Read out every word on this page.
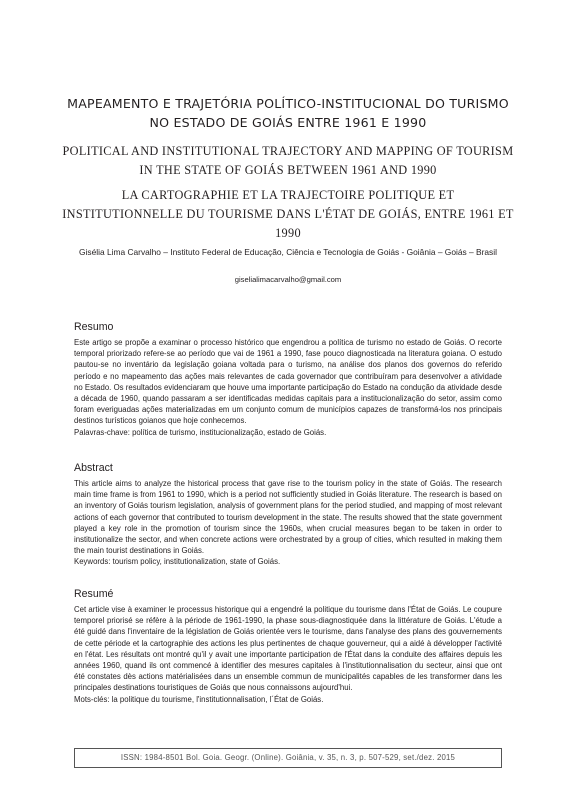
MAPEAMENTO E TRAJETÓRIA POLÍTICO-INSTITUCIONAL DO TURISMO NO ESTADO DE GOIÁS ENTRE 1961 E 1990
POLITICAL AND INSTITUTIONAL TRAJECTORY AND MAPPING OF TOURISM IN THE STATE OF GOIÁS BETWEEN 1961 AND 1990
LA CARTOGRAPHIE ET LA TRAJECTOIRE POLITIQUE ET INSTITUTIONNELLE DU TOURISME DANS L'ÉTAT DE GOIÁS, ENTRE 1961 ET 1990
Gisélia Lima Carvalho – Instituto Federal de Educação, Ciência e Tecnologia de Goiás - Goiânia – Goiás – Brasil
giselialimacarvalho@gmail.com
Resumo
Este artigo se propõe a examinar o processo histórico que engendrou a política de turismo no estado de Goiás. O recorte temporal priorizado refere-se ao período que vai de 1961 a 1990, fase pouco diagnosticada na literatura goiana. O estudo pautou-se no inventário da legislação goiana voltada para o turismo, na análise dos planos dos governos do referido período e no mapeamento das ações mais relevantes de cada governador que contribuíram para desenvolver a atividade no Estado. Os resultados evidenciaram que houve uma importante participação do Estado na condução da atividade desde a década de 1960, quando passaram a ser identificadas medidas capitais para a institucionalização do setor, assim como foram everiguadas ações materializadas em um conjunto comum de municípios capazes de transformá-los nos principais destinos turísticos goianos que hoje conhecemos.
Palavras-chave: política de turismo, institucionalização, estado de Goiás.
Abstract
This article aims to analyze the historical process that gave rise to the tourism policy in the state of Goiás. The research main time frame is from 1961 to 1990, which is a period not sufficiently studied in Goiás literature. The research is based on an inventory of Goiás tourism legislation, analysis of government plans for the period studied, and mapping of most relevant actions of each governor that contributed to tourism development in the state. The results showed that the state government played a key role in the promotion of tourism since the 1960s, when crucial measures began to be taken in order to institutionalize the sector, and when concrete actions were orchestrated by a group of cities, which resulted in making them the main tourist destinations in Goiás.
Keywords: tourism policy, institutionalization, state of Goiás.
Resumé
Cet article vise à examiner le processus historique qui a engendré la politique du tourisme dans l'État de Goiás. Le coupure temporel priorisé se réfère à la période de 1961-1990, la phase sous-diagnostiquée dans la littérature de Goiás. L'étude a été guidé dans l'inventaire de la législation de Goiás orientée vers le tourisme, dans l'analyse des plans des gouvernements de cette période et la cartographie des actions les plus pertinentes de chaque gouverneur, qui a aidé à développer l'activité en l'état. Les résultats ont montré qu'il y avait une importante participation de l'État dans la conduite des affaires depuis les années 1960, quand ils ont commencé à identifier des mesures capitales à l'institutionnalisation du secteur, ainsi que ont été constates dès actions matérialisées dans un ensemble commun de municipalités capables de les transformer dans les principales destinations touristiques de Goiás que nous connaissons aujourd'hui.
Mots-clés: la politique du tourisme, l'institutionnalisation, l´État de Goiás.
ISSN: 1984-8501 Bol. Goia. Geogr. (Online). Goiânia, v. 35, n. 3, p. 507-529, set./dez. 2015
